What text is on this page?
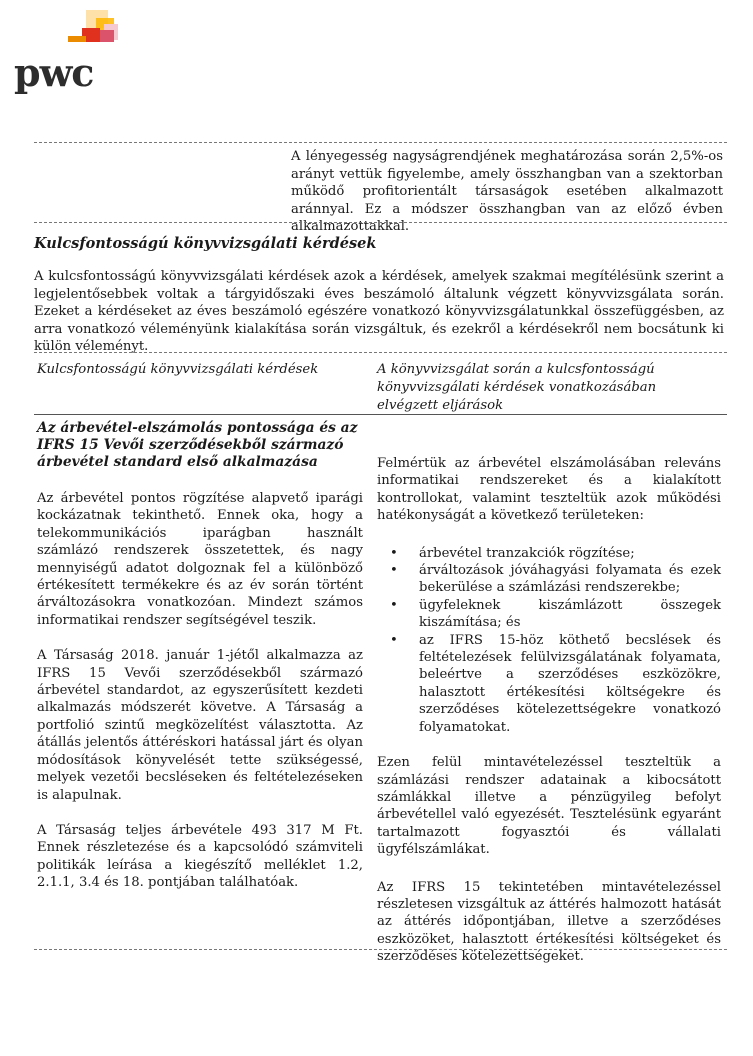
pwc
A lényegesség nagyságrendjének meghatározása során 2,5%-os arányt vettük figyelembe, amely összhangban van a szektorban működő profitorientált társaságok esetében alkalmazott aránnyal. Ez a módszer összhangban van az előző évben alkalmazottakkal.
Kulcsfontosságú könyvvizsgálati kérdések
A kulcsfontosságú könyvvizsgálati kérdések azok a kérdések, amelyek szakmai megítélésünk szerint a legjelentősebbek voltak a tárgyidőszaki éves beszámoló általunk végzett könyvvizsgálata során. Ezeket a kérdéseket az éves beszámoló egészére vonatkozó könyvvizsgálatunkkal összefüggésben, az arra vonatkozó véleményünk kialakítása során vizsgáltuk, és ezekről a kérdésekről nem bocsátunk ki külön véleményt.
Kulcsfontosságú könyvvizsgálati kérdések	A könyvvizsgálat során a kulcsfontosságú könyvvizsgálati kérdések vonatkozásában elvégzett eljárások
Az árbevétel-elszámolás pontossága és az IFRS 15 Vevői szerződésekből származó árbevétel standard első alkalmazása

Az árbevétel pontos rögzítése alapvető iparági kockázatnak tekinthető. Ennek oka, hogy a telekommunikációs iparágban használt számlázó rendszerek összetettek, és nagy mennyiségű adatot dolgoznak fel a különböző értékesített termékekre és az év során történt árváltozásokra vonatkozóan. Mindezt számos informatikai rendszer segítségével teszik.

A Társaság 2018. január 1-jétől alkalmazza az IFRS 15 Vevői szerződésekből származó árbevétel standardot, az egyszerűsített kezdeti alkalmazás módszerét követve. A Társaság a portfolió szintű megközelítést választotta. Az átállás jelentős áttéréskori hatással járt és olyan módosítások könyvelését tette szükségessé, melyek vezetői becsléseken és feltételezéseken is alapulnak.

A Társaság teljes árbevétele 493 317 M Ft. Ennek részletezése és a kapcsolódó számviteli politikák leírása a kiegészítő melléklet 1.2, 2.1.1, 3.4 és 18. pontjában találhatóak.

Felmértük az árbevétel elszámolásában releváns informatikai rendszereket és a kialakított kontrollokat, valamint teszteltük azok működési hatékonyságát a következő területeken:

• árbevétel tranzakciók rögzítése;
• árváltozások jóváhagyási folyamata és ezek bekerülése a számlázási rendszerekbe;
• ügyfeleknek kiszámlázott összegek kiszámítása; és
• az IFRS 15-höz köthető becslések és feltételezések felülvizsgálatának folyamata, beleértve a szerződéses eszközökre, halasztott értékesítési költségekre és szerződéses kötelezettségekre vonatkozó folyamatokat.

Ezen felül mintavételezéssel teszteltük a számlázási rendszer adatainak a kibocsátott számlákkal illetve a pénzügyileg befolyt árbevétellel való egyezését. Tesztelésünk egyaránt tartalmazott fogyasztói és vállalati ügyfélszámlákat.

Az IFRS 15 tekintetében mintavételezéssel részletesen vizsgáltuk az áttérés halmozott hatását az áttérés időpontjában, illetve a szerződéses eszközöket, halasztott értékesítési költségeket és szerződéses kötelezettségeket.
